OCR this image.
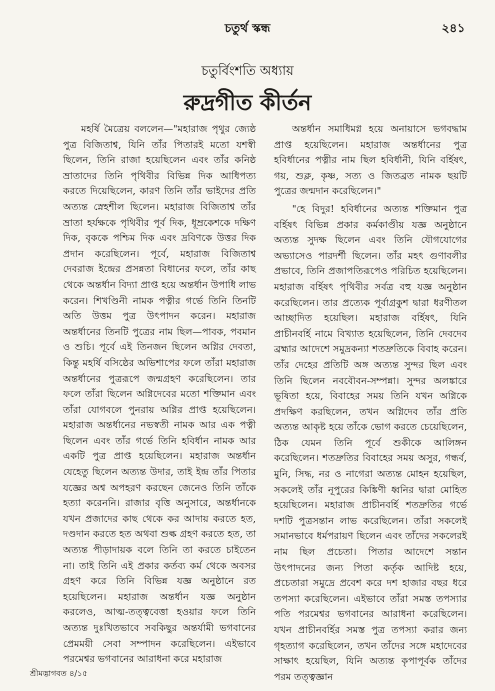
চতুর্থ স্কন্ধ	২৪১
চতুর্বিংশতি অধ্যায়
রুদ্রগীত কীর্তন

মহর্ষি মৈত্রেয় বললেন—"মহারাজ পৃথুর জ্যেষ্ঠ পুত্র বিজিতাশ্ব, যিনি তাঁর পিতারই মতো যশস্বী ছিলেন, তিনি রাজা হয়েছিলেন এবং তাঁর কনিষ্ঠ ভ্রাতাদের তিনি পৃথিবীর বিভিন্ন দিক আধিপত্য করতে দিয়েছিলেন, কারণ তিনি তাঁর ভাইদের প্রতি অত্যন্ত স্নেহশীল ছিলেন। মহারাজ বিজিতাশ্ব তাঁর ভ্রাতা হর্যক্ষকে পৃথিবীর পূর্ব দিক, ধূম্রকেশকে দক্ষিণ দিক, বৃককে পশ্চিম দিক এবং দ্রবিণকে উত্তর দিক প্রদান করেছিলেন। পূর্বে, মহারাজ বিজিতাশ্ব দেবরাজ ইন্দ্রের প্রসন্নতা বিধানের ফলে, তাঁর কাছ থেকে অন্তর্ধান বিদ্যা প্রাপ্ত হয়ে অন্তর্ধান উপাধি লাভ করেন। শিখণ্ডিনী নামক পত্নীর গর্ভে তিনি তিনটি অতি উত্তম পুত্র উৎপাদন করেন। মহারাজ অন্তর্ধানের তিনটি পুত্রের নাম ছিল—পাবক, পবমান ও শুচি। পূর্বে এই তিনজন ছিলেন অগ্নির দেবতা, কিন্তু মহর্ষি বসিষ্ঠের অভিশাপের ফলে তাঁরা মহারাজ অন্তর্ধানের পুত্ররূপে জন্মগ্রহণ করেছিলেন। তার ফলে তাঁরা ছিলেন অগ্নিদেবের মতো শক্তিমান এবং তাঁরা যোগবলে পুনরায় অগ্নির প্রাপ্ত হয়েছিলেন। মহারাজ অন্তর্ধানের নভস্বতী নামক আর এক পত্নী ছিলেন এবং তাঁর গর্ভে তিনি হবির্ধান নামক আর একটি পুত্র প্রাপ্ত হয়েছিলেন। মহারাজ অন্তর্ধান যেহেতু ছিলেন অত্যন্ত উদার, তাই ইন্দ্র তাঁর পিতার যজ্ঞের অশ্ব অপহরণ করছেন জেনেও তিনি তাঁকে হত্যা করেননি। রাজার বৃত্তি অনুসারে, অন্তর্ধানকে যখন প্রজাদের কাছ থেকে কর আদায় করতে হত, দণ্ডদান করতে হত অথবা শুল্ক গ্রহণ করতে হত, তা অত্যন্ত পীড়াদায়ক বলে তিনি তা করতে চাইতেন না। তাই তিনি এই প্রকার কর্তব্য কর্ম থেকে অবসর গ্রহণ করে তিনি বিভিন্ন যজ্ঞ অনুষ্ঠানে রত হয়েছিলেন। মহারাজ অন্তর্ধান যজ্ঞ অনুষ্ঠান করলেও, আত্ম-তত্ত্ববেত্তা হওয়ার ফলে তিনি অত্যন্ত দুঃখিতভাবে সবকিছুর অন্তর্যামী ভগবানের প্রেমময়ী সেবা সম্পাদন করেছিলেন। এইভাবে পরমেশ্বর ভগবানের আরাধনা করে মহারাজ

অন্তর্ধান সমাধিমগ্ন হয়ে অনায়াসে ভগবদ্ধাম প্রাপ্ত হয়েছিলেন। মহারাজ অন্তর্ধানের পুত্র হবির্ধানের পত্নীর নাম ছিল হবির্ধানী, যিনি বর্হিষৎ, গয়, শুক্ল, কৃষ্ণ, সত্য ও জিতব্রত নামক ছয়টি পুত্রের জন্মদান করেছিলেন।"

"হে বিদুর! হবির্ধানের অত্যন্ত শক্তিমান পুত্র বর্হিষৎ বিভিন্ন প্রকার কর্মকাণ্ডীয় যজ্ঞ অনুষ্ঠানে অত্যন্ত সুদক্ষ ছিলেন এবং তিনি যৌগযোগের অভ্যাসেও পারদর্শী ছিলেন। তাঁর মহৎ গুণাবলীর প্রভাবে, তিনি প্রজাপতিরূপেও পরিচিত হয়েছিলেন। মহারাজ বর্হিষৎ পৃথিবীর সর্বত্র বহু যজ্ঞ অনুষ্ঠান করেছিলেন। তার প্রত্যেক পূর্বাগ্রকুশ দ্বারা ধরণীতল আচ্ছাদিত হয়েছিল। মহারাজ বর্হিষৎ, যিনি প্রাচীনবর্হি নামে বিখ্যাত হয়েছিলেন, তিনি দেবদেব ব্রহ্মার আদেশে সমুদ্রকন্যা শতদ্রুতিকে বিবাহ করেন। তাঁর দেহের প্রতিটি অঙ্গ অত্যন্ত সুন্দর ছিল এবং তিনি ছিলেন নববৌবন-সম্পন্না। সুন্দর অলঙ্কারে ভূষিতা হয়ে, বিবাহের সময় তিনি যখন অগ্নিকে প্রদক্ষিণ করছিলেন, তখন অগ্নিদেব তাঁর প্রতি অত্যন্ত আকৃষ্ট হয়ে তাঁকে ভোগ করতে চেয়েছিলেন, ঠিক যেমন তিনি পূর্বে শুকীকে আলিঙ্গন করেছিলেন। শতদ্রুতির বিবাহের সময় অসুর, গন্ধর্ব, মুনি, সিদ্ধ, নর ও নাগেরা অত্যন্ত মোহন হয়েছিল, সকলেই তাঁর নূপুরের কিঙ্কিণী ধ্বনির দ্বারা মোহিত হয়েছিলেন। মহারাজ প্রাচীনবর্হি শতদ্রুতির গর্ভে দশটি পুত্রসন্তান লাভ করেছিলেন। তাঁরা সকলেই সমানভাবে ধর্মপরায়ণ ছিলেন এবং তাঁদের সকলেরই নাম ছিল প্রচেতা। পিতার আদেশে সন্তান উৎপাদনের জন্য পিতা কর্তৃক আদিষ্ট হয়ে, প্রচেতারা সমুদ্রে প্রবেশ করে দশ হাজার বছর ধরে তপস্যা করেছিলেন। এইভাবে তাঁরা সমস্ত তপস্যার পতি পরমেশ্বর ভগবানের আরাধনা করেছিলেন। যখন প্রাচীনবর্হির সমস্ত পুত্র তপস্যা করার জন্য গৃহত্যাগ করেছিলেন, তখন তাঁদের সঙ্গে মহাদেবের সাক্ষাৎ হয়েছিল, যিনি অত্যন্ত কৃপাপূর্বক তাঁদের পরম তত্ত্বজ্ঞান

শ্রীমদ্ভাগবত ৪/১৫
